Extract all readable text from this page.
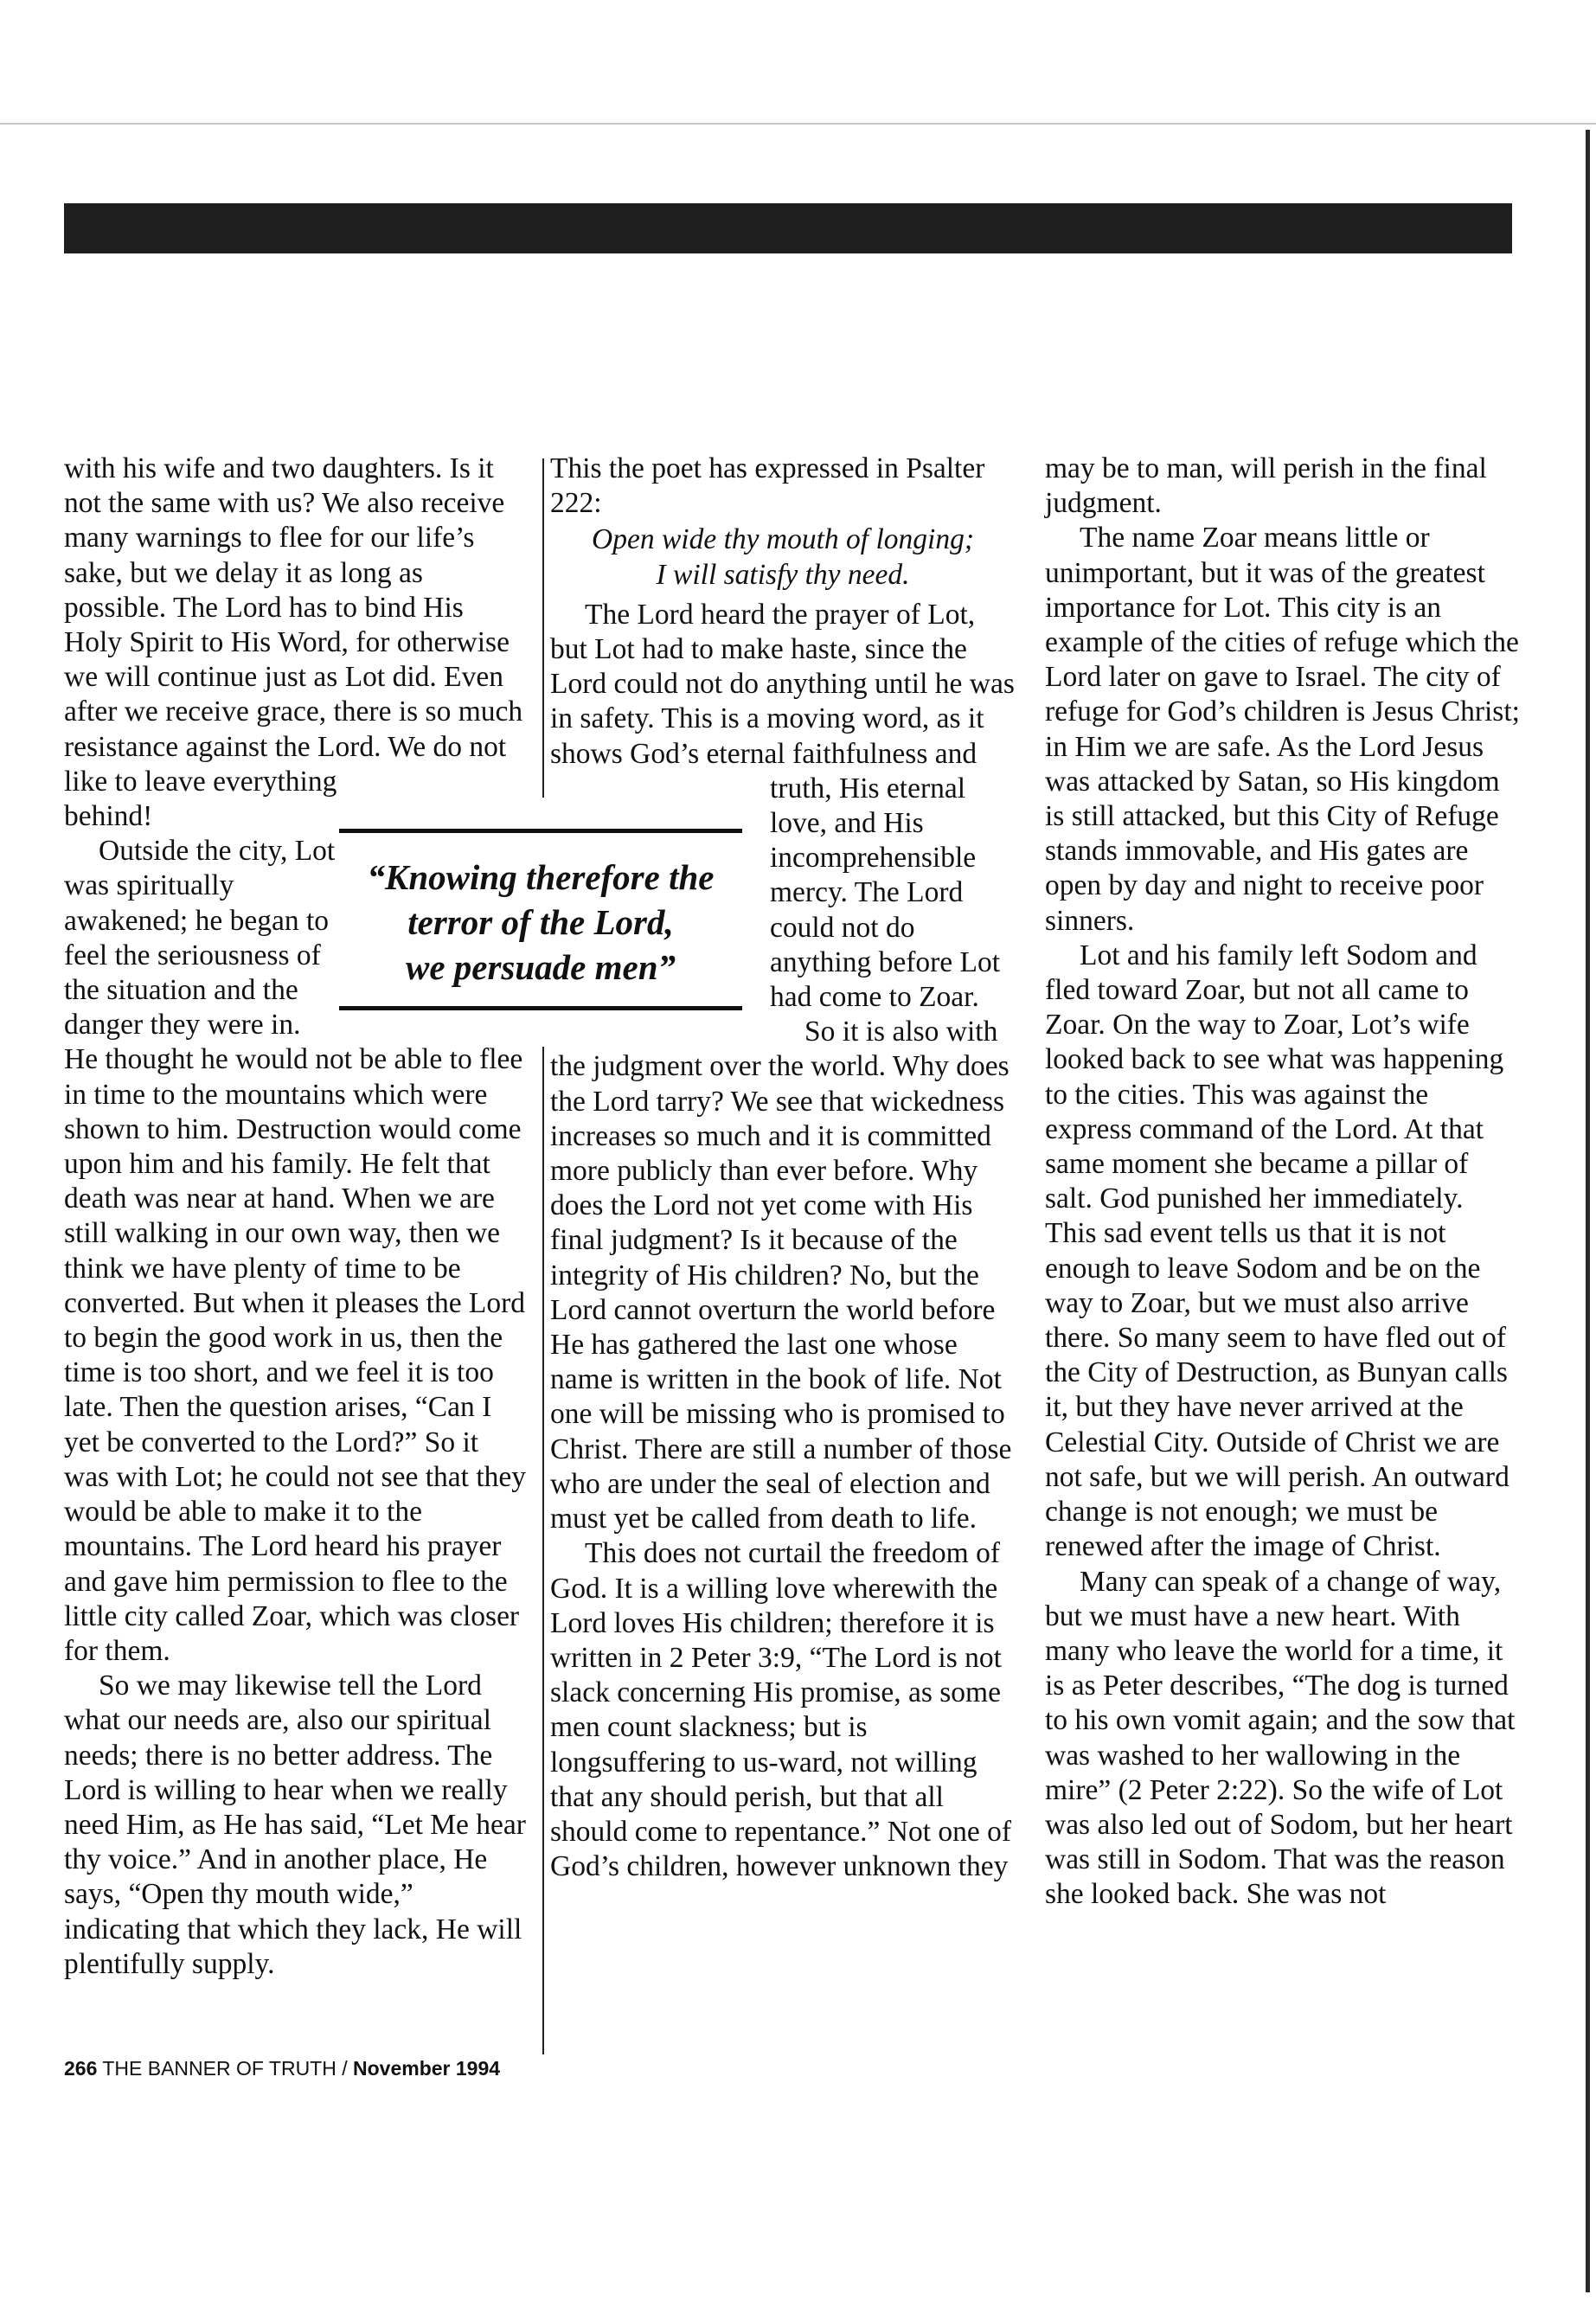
with his wife and two daughters. Is it not the same with us? We also receive many warnings to flee for our life’s sake, but we delay it as long as possible. The Lord has to bind His Holy Spirit to His Word, for otherwise we will continue just as Lot did. Even after we receive grace, there is so much resistance against the Lord. We do not like to leave everything behind!

Outside the city, Lot was spiritually awakened; he began to feel the seriousness of the situation and the danger they were in. He thought he would not be able to flee in time to the mountains which were shown to him. Destruction would come upon him and his family. He felt that death was near at hand. When we are still walking in our own way, then we think we have plenty of time to be converted. But when it pleases the Lord to begin the good work in us, then the time is too short, and we feel it is too late. Then the question arises, “Can I yet be converted to the Lord?” So it was with Lot; he could not see that they would be able to make it to the mountains. The Lord heard his prayer and gave him permission to flee to the little city called Zoar, which was closer for them.

So we may likewise tell the Lord what our needs are, also our spiritual needs; there is no better address. The Lord is willing to hear when we really need Him, as He has said, “Let Me hear thy voice.” And in another place, He says, “Open thy mouth wide,” indicating that which they lack, He will plentifully supply.

This the poet has expressed in Psalter 222:

Open wide thy mouth of longing;
I will satisfy thy need.

The Lord heard the prayer of Lot, but Lot had to make haste, since the Lord could not do anything until he was in safety. This is a moving word, as it shows God’s eternal faithfulness and truth, His eternal love, and His incomprehensible mercy. The Lord could not do anything before Lot had come to Zoar.

So it is also with the judgment over the world. Why does the Lord tarry? We see that wickedness increases so much and it is committed more publicly than ever before. Why does the Lord not yet come with His final judgment? Is it because of the integrity of His children? No, but the Lord cannot overturn the world before He has gathered the last one whose name is written in the book of life. Not one will be missing who is promised to Christ. There are still a number of those who are under the seal of election and must yet be called from death to life.

This does not curtail the freedom of God. It is a willing love wherewith the Lord loves His children; therefore it is written in 2 Peter 3:9, “The Lord is not slack concerning His promise, as some men count slackness; but is longsuffering to us-ward, not willing that any should perish, but that all should come to repentance.” Not one of God’s children, however unknown they

may be to man, will perish in the final judgment.

The name Zoar means little or unimportant, but it was of the greatest importance for Lot. This city is an example of the cities of refuge which the Lord later on gave to Israel. The city of refuge for God’s children is Jesus Christ; in Him we are safe. As the Lord Jesus was attacked by Satan, so His kingdom is still attacked, but this City of Refuge stands immovable, and His gates are open by day and night to receive poor sinners.

Lot and his family left Sodom and fled toward Zoar, but not all came to Zoar. On the way to Zoar, Lot’s wife looked back to see what was happening to the cities. This was against the express command of the Lord. At that same moment she became a pillar of salt. God punished her immediately. This sad event tells us that it is not enough to leave Sodom and be on the way to Zoar, but we must also arrive there. So many seem to have fled out of the City of Destruction, as Bunyan calls it, but they have never arrived at the Celestial City. Outside of Christ we are not safe, but we will perish. An outward change is not enough; we must be renewed after the image of Christ.

Many can speak of a change of way, but we must have a new heart. With many who leave the world for a time, it is as Peter describes, “The dog is turned to his own vomit again; and the sow that was washed to her wallowing in the mire” (2 Peter 2:22). So the wife of Lot was also led out of Sodom, but her heart was still in Sodom. That was the reason she looked back. She was not

“Knowing therefore the
terror of the Lord,
we persuade men”
266 THE BANNER OF TRUTH / November 1994
